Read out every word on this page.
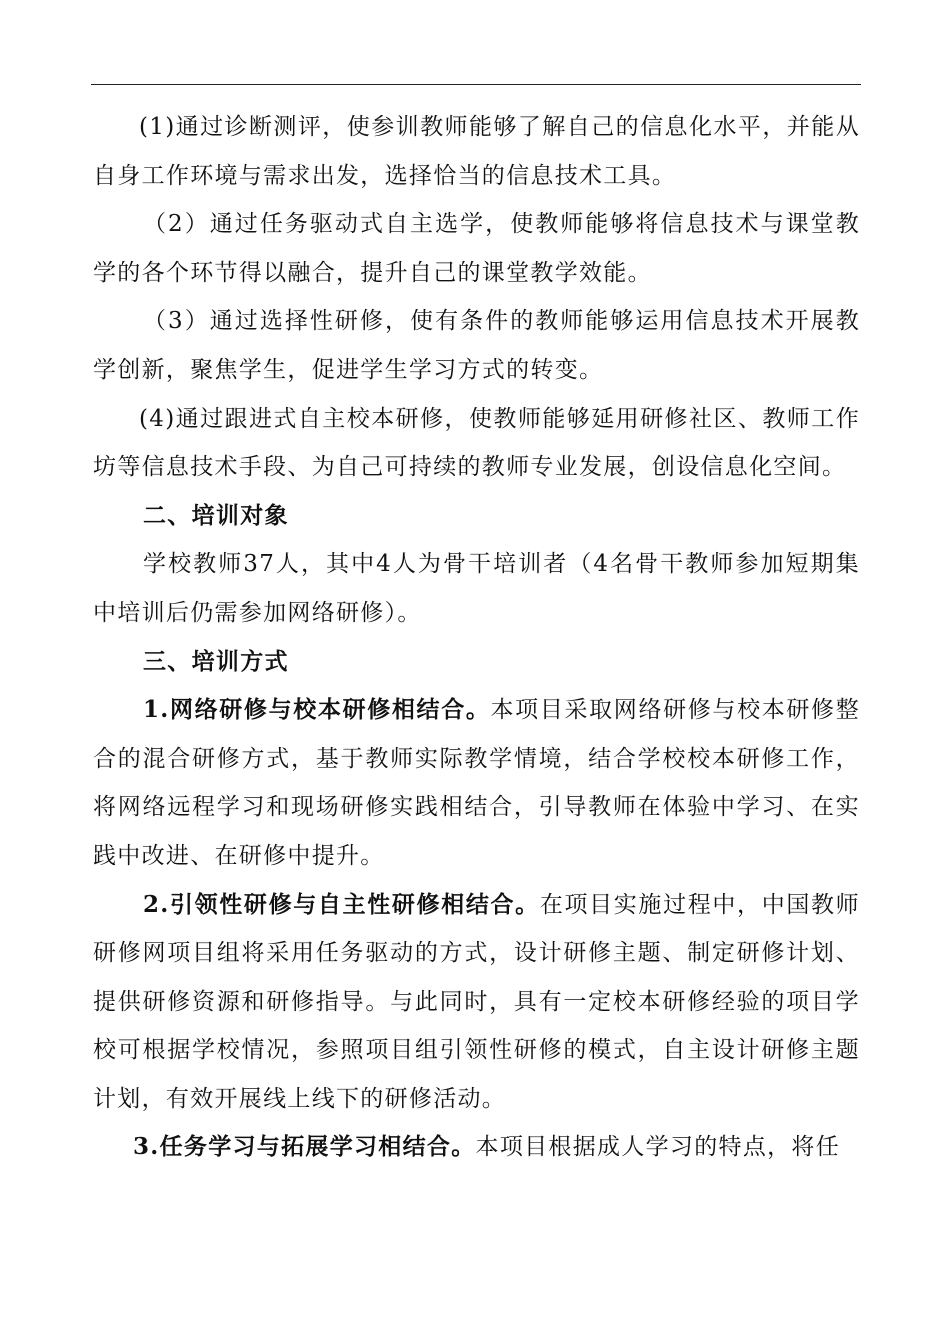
(1)通过诊断测评，使参训教师能够了解自己的信息化水平，并能从自身工作环境与需求出发，选择恰当的信息技术工具。

（2）通过任务驱动式自主选学，使教师能够将信息技术与课堂教学的各个环节得以融合，提升自己的课堂教学效能。

（3）通过选择性研修，使有条件的教师能够运用信息技术开展教学创新，聚焦学生，促进学生学习方式的转变。

(4)通过跟进式自主校本研修，使教师能够延用研修社区、教师工作坊等信息技术手段、为自己可持续的教师专业发展，创设信息化空间。

二、培训对象

学校教师37人，其中4人为骨干培训者（4名骨干教师参加短期集中培训后仍需参加网络研修）。

三、培训方式

1.网络研修与校本研修相结合。本项目采取网络研修与校本研修整合的混合研修方式，基于教师实际教学情境，结合学校校本研修工作，将网络远程学习和现场研修实践相结合，引导教师在体验中学习、在实践中改进、在研修中提升。

2.引领性研修与自主性研修相结合。在项目实施过程中，中国教师研修网项目组将采用任务驱动的方式，设计研修主题、制定研修计划、提供研修资源和研修指导。与此同时，具有一定校本研修经验的项目学校可根据学校情况，参照项目组引领性研修的模式，自主设计研修主题计划，有效开展线上线下的研修活动。

3.任务学习与拓展学习相结合。本项目根据成人学习的特点，将任
